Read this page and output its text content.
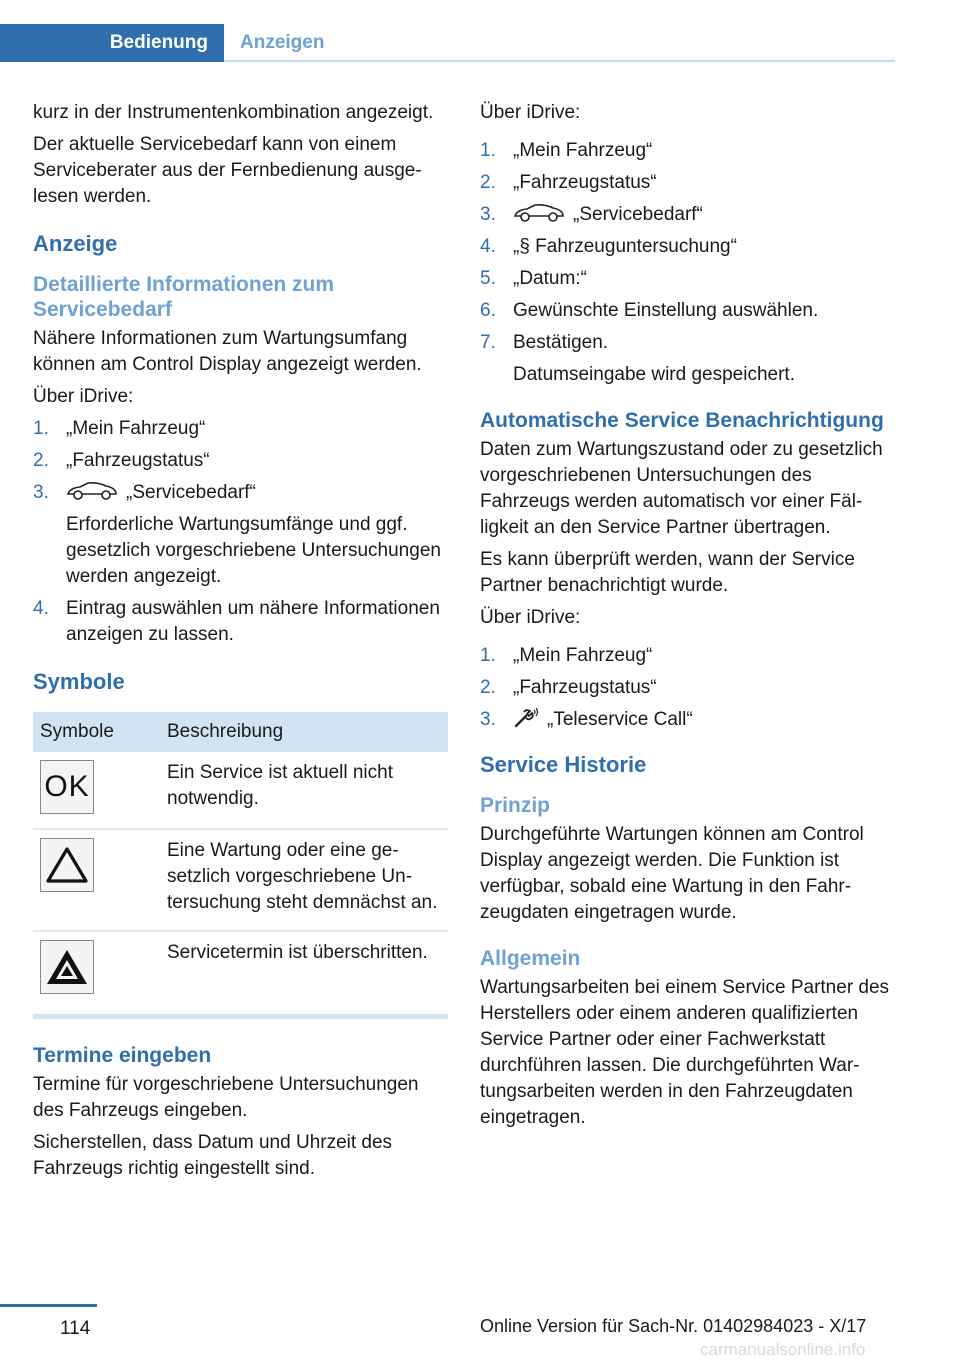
Bedienung	Anzeigen

kurz in der Instrumentenkombination angezeigt.

Der aktuelle Servicebedarf kann von einem Serviceberater aus der Fernbedienung ausgelesen werden.

Anzeige
Detaillierte Informationen zum Servicebedarf

Nähere Informationen zum Wartungsumfang können am Control Display angezeigt werden.

Über iDrive:

1. „Mein Fahrzeug“
2. „Fahrzeugstatus“
3.	„Servicebedarf“
Erforderliche Wartungsumfänge und ggf. gesetzlich vorgeschriebene Untersuchungen werden angezeigt.
4. Eintrag auswählen um nähere Informationen anzeigen zu lassen.
Symbole
Symbole	Beschreibung

OK	Ein Service ist aktuell nicht notwendig.

	Eine Wartung oder eine gesetzlich vorgeschriebene Untersuchung steht demnächst an.

	Servicetermin ist überschritten.
Termine eingeben

Termine für vorgeschriebene Untersuchungen des Fahrzeugs eingeben.

Sicherstellen, dass Datum und Uhrzeit des Fahrzeugs richtig eingestellt sind.

Über iDrive:

1. „Mein Fahrzeug“
2. „Fahrzeugstatus“
3.	„Servicebedarf“
4. „§ Fahrzeuguntersuchung“
5. „Datum:“
6. Gewünschte Einstellung auswählen.
7. Bestätigen.
Datumseingabe wird gespeichert.
Automatische Service Benachrichtigung

Daten zum Wartungszustand oder zu gesetzlich vorgeschriebenen Untersuchungen des Fahrzeugs werden automatisch vor einer Fälligkeit an den Service Partner übertragen.

Es kann überprüft werden, wann der Service Partner benachrichtigt wurde.

Über iDrive:

1. „Mein Fahrzeug“
2. „Fahrzeugstatus“
3.	„Teleservice Call“
Service Historie
Prinzip

Durchgeführte Wartungen können am Control Display angezeigt werden. Die Funktion ist verfügbar, sobald eine Wartung in den Fahrzeugdaten eingetragen wurde.

Allgemein

Wartungsarbeiten bei einem Service Partner des Herstellers oder einem anderen qualifizierten Service Partner oder einer Fachwerkstatt durchführen lassen. Die durchgeführten Wartungsarbeiten werden in den Fahrzeugdaten eingetragen.

114	Online Version für Sach-Nr. 01402984023 - X/17
carmanualsonline.info
